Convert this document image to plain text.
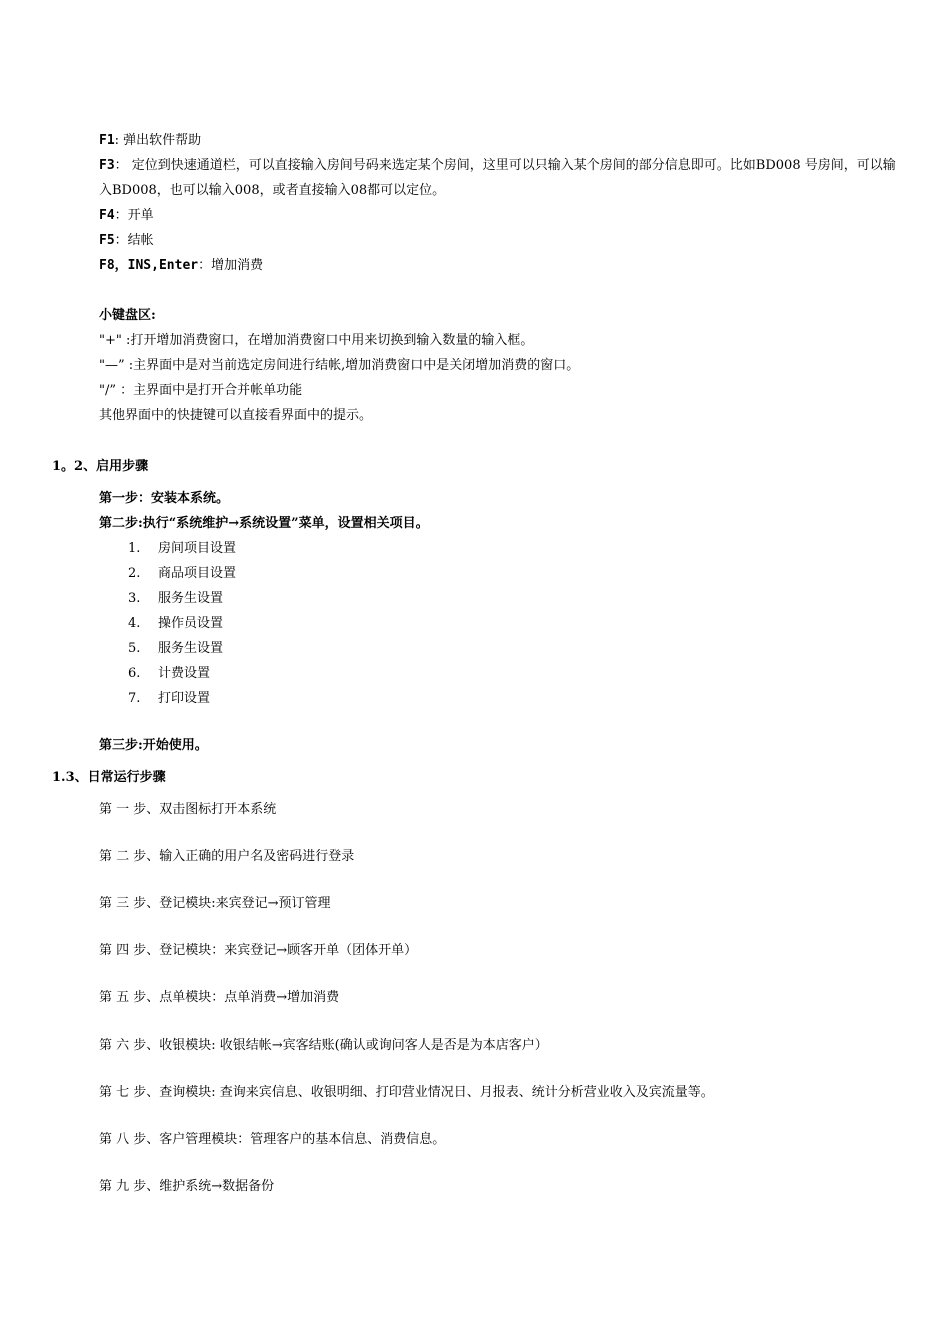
F1: 弹出软件帮助
F3： 定位到快速通道栏，可以直接输入房间号码来选定某个房间，这里可以只输入某个房间的部分信息即可。比如BD008 号房间，可以输入BD008，也可以输入008，或者直接输入08都可以定位。
F4：开单
F5：结帐
F8，INS,Enter：增加消费
小键盘区:
"+" :打开增加消费窗口，在增加消费窗口中用来切换到输入数量的输入框。
"—” :主界面中是对当前选定房间进行结帐,增加消费窗口中是关闭增加消费的窗口。
"/” ：主界面中是打开合并帐单功能
其他界面中的快捷键可以直接看界面中的提示。
1。2、启用步骤
第一步：安装本系统。
第二步:执行“系统维护→系统设置”菜单，设置相关项目。
1. 房间项目设置
2. 商品项目设置
3. 服务生设置
4. 操作员设置
5. 服务生设置
6. 计费设置
7. 打印设置
第三步:开始使用。
1.3、日常运行步骤
第 一 步、双击图标打开本系统
第 二 步、输入正确的用户名及密码进行登录
第 三 步、登记模块:来宾登记→预订管理
第 四 步、登记模块：来宾登记→顾客开单（团体开单）
第 五 步、点单模块：点单消费→增加消费
第 六 步、收银模块: 收银结帐→宾客结账(确认或询问客人是否是为本店客户）
第 七 步、查询模块: 查询来宾信息、收银明细、打印营业情况日、月报表、统计分析营业收入及宾流量等。
第 八 步、客户管理模块：管理客户的基本信息、消费信息。
第 九 步、维护系统→数据备份
